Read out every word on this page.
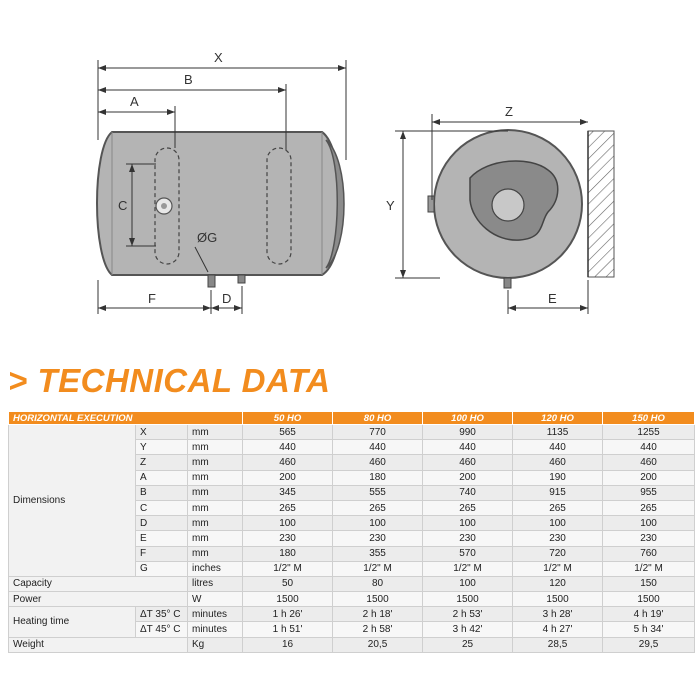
X
B
A
C
ØG
F	D
Z
Y
E
> TECHNICAL DATA
HORIZONTAL EXECUTION			50 HO	80 HO	100 HO	120 HO	150 HO
Dimensions	X	mm	565	770	990	1135	1255
	Y	mm	440	440	440	440	440
	Z	mm	460	460	460	460	460
	A	mm	200	180	200	190	200
	B	mm	345	555	740	915	955
	C	mm	265	265	265	265	265
	D	mm	100	100	100	100	100
	E	mm	230	230	230	230	230
	F	mm	180	355	570	720	760
	G	inches	1/2" M	1/2" M	1/2" M	1/2" M	1/2" M
Capacity		litres	50	80	100	120	150
Power		W	1500	1500	1500	1500	1500
Heating time	ΔT 35° C	minutes	1 h 26'	2 h 18'	2 h 53'	3 h 28'	4 h 19'
	ΔT 45° C	minutes	1 h 51'	2 h 58'	3 h 42'	4 h 27'	5 h 34'
Weight		Kg	16	20,5	25	28,5	29,5
